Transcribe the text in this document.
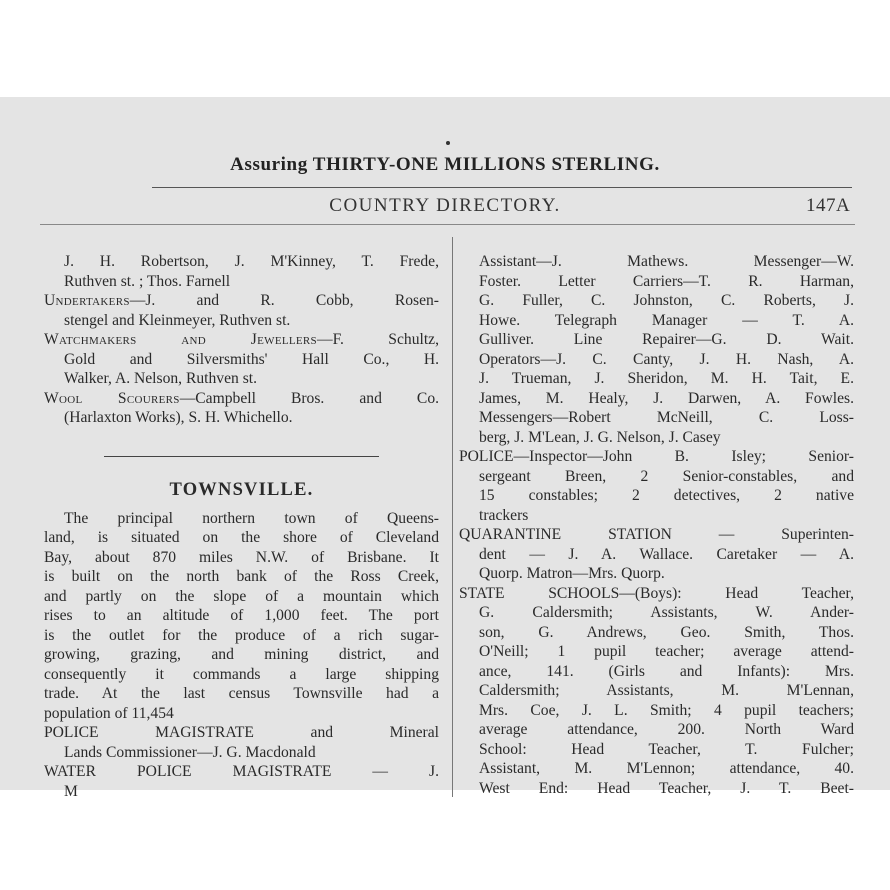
Assuring THIRTY-ONE MILLIONS STERLING.
COUNTRY DIRECTORY.	147A
J. H. Robertson, J. M'Kinney, T. Frede,
Ruthven st. ; Thos. Farnell
Undertakers—J. and R. Cobb, Rosen-
stengel and Kleinmeyer, Ruthven st.
Watchmakers and Jewellers—F. Schultz,
Gold and Silversmiths' Hall Co., H.
Walker, A. Nelson, Ruthven st.
Wool Scourers—Campbell Bros. and Co.
(Harlaxton Works), S. H. Whichello.
TOWNSVILLE.
The principal northern town of Queens-
land, is situated on the shore of Cleveland
Bay, about 870 miles N.W. of Brisbane. It
is built on the north bank of the Ross Creek,
and partly on the slope of a mountain which
rises to an altitude of 1,000 feet. The port
is the outlet for the produce of a rich sugar-
growing, grazing, and mining district, and
consequently it commands a large shipping
trade. At the last census Townsville had a
population of 11,454
POLICE MAGISTRATE and Mineral
Lands Commissioner—J. G. Macdonald
WATER POLICE MAGISTRATE — J.
M
Assistant—J. Mathews. Messenger—W.
Foster. Letter Carriers—T. R. Harman,
G. Fuller, C. Johnston, C. Roberts, J.
Howe. Telegraph Manager — T. A.
Gulliver. Line Repairer—G. D. Wait.
Operators—J. C. Canty, J. H. Nash, A.
J. Trueman, J. Sheridon, M. H. Tait, E.
James, M. Healy, J. Darwen, A. Fowles.
Messengers—Robert McNeill, C. Loss-
berg, J. M'Lean, J. G. Nelson, J. Casey
POLICE—Inspector—John B. Isley; Senior-
sergeant Breen, 2 Senior-constables, and
15 constables; 2 detectives, 2 native
trackers
QUARANTINE STATION — Superinten-
dent — J. A. Wallace. Caretaker — A.
Quorp. Matron—Mrs. Quorp.
STATE SCHOOLS—(Boys): Head Teacher,
G. Caldersmith; Assistants, W. Ander-
son, G. Andrews, Geo. Smith, Thos.
O'Neill; 1 pupil teacher; average attend-
ance, 141. (Girls and Infants): Mrs.
Caldersmith; Assistants, M. M'Lennan,
Mrs. Coe, J. L. Smith; 4 pupil teachers;
average attendance, 200. North Ward
School: Head Teacher, T. Fulcher;
Assistant, M. M'Lennon; attendance, 40.
West End: Head Teacher, J. T. Beet-
